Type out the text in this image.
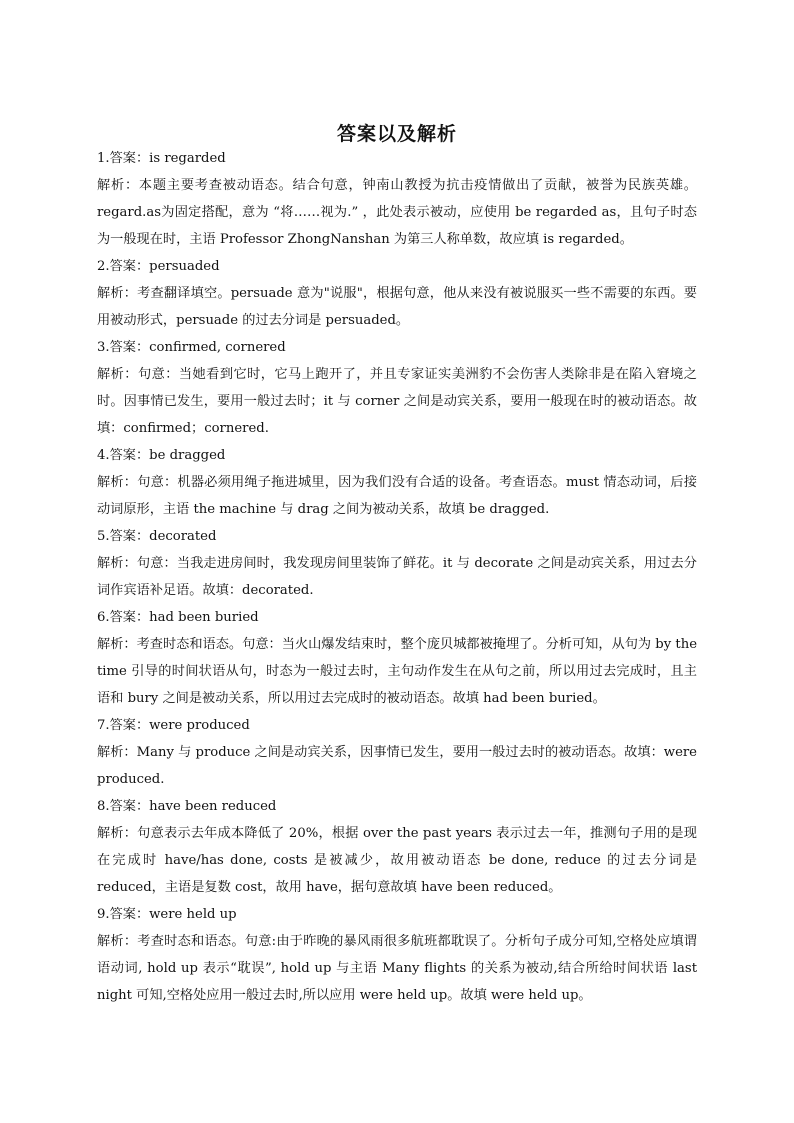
答案以及解析

1.答案：is regarded

解析：本题主要考查被动语态。结合句意，钟南山教授为抗击疫情做出了贡献，被誉为民族英雄。regard.as为固定搭配，意为 “将……视为.” ，此处表示被动，应使用 be regarded as，且句子时态为一般现在时，主语 Professor ZhongNanshan 为第三人称单数，故应填 is regarded。

2.答案：persuaded

解析：考查翻译填空。persuade 意为"说服"，根据句意，他从来没有被说服买一些不需要的东西。要用被动形式，persuade 的过去分词是 persuaded。

3.答案：confirmed, cornered

解析：句意：当她看到它时，它马上跑开了，并且专家证实美洲豹不会伤害人类除非是在陷入窘境之时。因事情已发生，要用一般过去时；it 与 corner 之间是动宾关系，要用一般现在时的被动语态。故填：confirmed；cornered.

4.答案：be dragged

解析：句意：机器必须用绳子拖进城里，因为我们没有合适的设备。考查语态。must 情态动词，后接动词原形，主语 the machine 与 drag 之间为被动关系，故填 be dragged.

5.答案：decorated

解析：句意：当我走进房间时，我发现房间里装饰了鲜花。it 与 decorate 之间是动宾关系，用过去分词作宾语补足语。故填：decorated.

6.答案：had been buried

解析：考查时态和语态。句意：当火山爆发结束时，整个庞贝城都被掩埋了。分析可知，从句为 by the time 引导的时间状语从句，时态为一般过去时，主句动作发生在从句之前，所以用过去完成时，且主语和 bury 之间是被动关系，所以用过去完成时的被动语态。故填 had been buried。

7.答案：were produced

解析：Many 与 produce 之间是动宾关系，因事情已发生，要用一般过去时的被动语态。故填：were produced.

8.答案：have been reduced

解析：句意表示去年成本降低了 20%，根据 over the past years 表示过去一年，推测句子用的是现在完成时 have/has done, costs 是被减少，故用被动语态 be done, reduce 的过去分词是 reduced，主语是复数 cost，故用 have，据句意故填 have been reduced。

9.答案：were held up

解析：考查时态和语态。句意:由于昨晚的暴风雨很多航班都耽误了。分析句子成分可知,空格处应填谓语动词, hold up 表示“耽误”, hold up 与主语 Many flights 的关系为被动,结合所给时间状语 last night 可知,空格处应用一般过去时,所以应用 were held up。故填 were held up。
